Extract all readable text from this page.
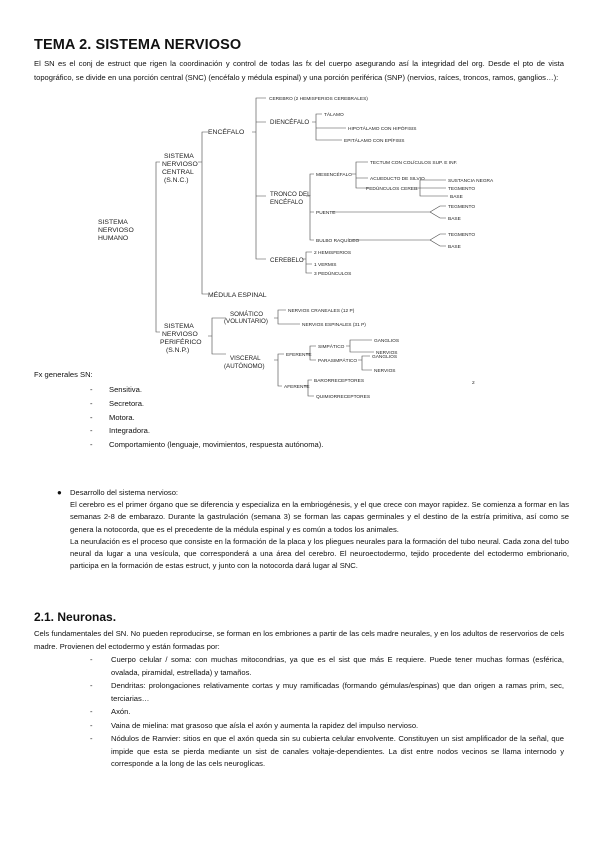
TEMA 2. SISTEMA NERVIOSO

El SN es el conj de estruct que rigen la coordinación y control de todas las fx del cuerpo asegurando así la integridad del org. Desde el pto de vista topográfico, se divide en una porción central (SNC) (encéfalo y médula espinal) y una porción periférica (SNP) (nervios, raíces, troncos, ramos, ganglios…):

SISTEMA
NERVIOSO
HUMANO
SISTEMA
NERVIOSO
CENTRAL
(S.N.C.)
ENCÉFALO
MÉDULA ESPINAL
CEREBRO (2 HEMISFERIOS CEREBRALES)
DIENCÉFALO
TRONCO DEL
ENCÉFALO
CEREBELO
TÁLAMO
HIPOTÁLAMO CON HIPÓFISIS
EPITÁLAMO CON EPÍFISIS
MESENCÉFALO
PUENTE
BULBO RAQUÍDEO
TECTUM CON COLÍCULOS SUP. E INF.
ACUEDUCTO DE SILVIO
PEDÚNCULOS CEREB.
SUSTANCIA NEGRA
TEGMENTO
BASE
TEGMENTO
BASE
TEGMENTO
BASE
2 HEMISFERIOS
1 VERMIS
3 PEDÚNCULOS
SISTEMA
NERVIOSO
PERIFÉRICO
(S.N.P.)
SOMÁTICO
(VOLUNTARIO)
VISCERAL
(AUTÓNOMO)
NERVIOS CRANEALES (12 P)
NERVIOS ESPINALES (31 P)
EFERENTE
AFERENTE
SIMPÁTICO
PARASIMPÁTICO
GANGLIOS
NERVIOS
GANGLIOS
NERVIOS
BARORRECEPTORES
QUIMIORRECEPTORES
2

Fx generales SN:

- Sensitiva.
- Secretora.
- Motora.
- Integradora.
- Comportamiento (lenguaje, movimientos, respuesta autónoma).

● Desarrollo del sistema nervioso:

El cerebro es el primer órgano que se diferencia y especializa en la embriogénesis, y el que crece con mayor rapidez. Se comienza a formar en las semanas 2-8 de embarazo. Durante la gastrulación (semana 3) se forman las capas germinales y el destino de la estría primitiva, así como se genera la notocorda, que es el precedente de la médula espinal y es común a todos los animales.

La neurulación es el proceso que consiste en la formación de la placa y los pliegues neurales para la formación del tubo neural. Cada zona del tubo neural da lugar a una vesícula, que corresponderá a una área del cerebro. El neuroectodermo, tejido procedente del ectodermo embrionario, participa en la formación de estas estruct, y junto con la notocorda dará lugar al SNC.

2.1. Neuronas.

Cels fundamentales del SN. No pueden reproducirse, se forman en los embriones a partir de las cels madre neurales, y en los adultos de reservorios de cels madre. Provienen del ectodermo y están formadas por:

- Cuerpo celular / soma: con muchas mitocondrias, ya que es el sist que más E requiere. Puede tener muchas formas (esférica, ovalada, piramidal, estrellada) y tamaños.
- Dendritas: prolongaciones relativamente cortas y muy ramificadas (formando gémulas/espinas) que dan origen a ramas prim, sec, terciarias…
- Axón.
- Vaina de mielina: mat grasoso que aísla el axón y aumenta la rapidez del impulso nervioso.
- Nódulos de Ranvier: sitios en que el axón queda sin su cubierta celular envolvente. Constituyen un sist amplificador de la señal, que impide que esta se pierda mediante un sist de canales voltaje-dependientes. La dist entre nodos vecinos se llama internodo y corresponde a la long de las cels neuroglicas.
